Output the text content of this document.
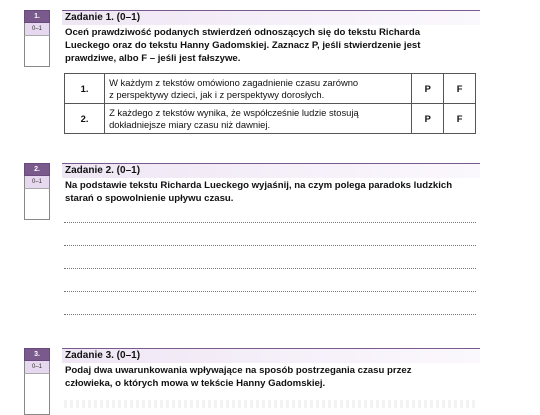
1.
0–1
Zadanie 1. (0–1)
Oceń prawdziwość podanych stwierdzeń odnoszących się do tekstu Richarda
Lueckego oraz do tekstu Hanny Gadomskiej. Zaznacz P, jeśli stwierdzenie jest
prawdziwe, albo F – jeśli jest fałszywe.
1.	W każdym z tekstów omówiono zagadnienie czasu zarówno
z perspektywy dzieci, jak i z perspektywy dorosłych.	P	F
2.	Z każdego z tekstów wynika, że współcześnie ludzie stosują
dokładniejsze miary czasu niż dawniej.	P	F
2.
0–1
Zadanie 2. (0–1)
Na podstawie tekstu Richarda Lueckego wyjaśnij, na czym polega paradoks ludzkich
starań o spowolnienie upływu czasu.
3.
0–1
Zadanie 3. (0–1)
Podaj dwa uwarunkowania wpływające na sposób postrzegania czasu przez
człowieka, o których mowa w tekście Hanny Gadomskiej.
